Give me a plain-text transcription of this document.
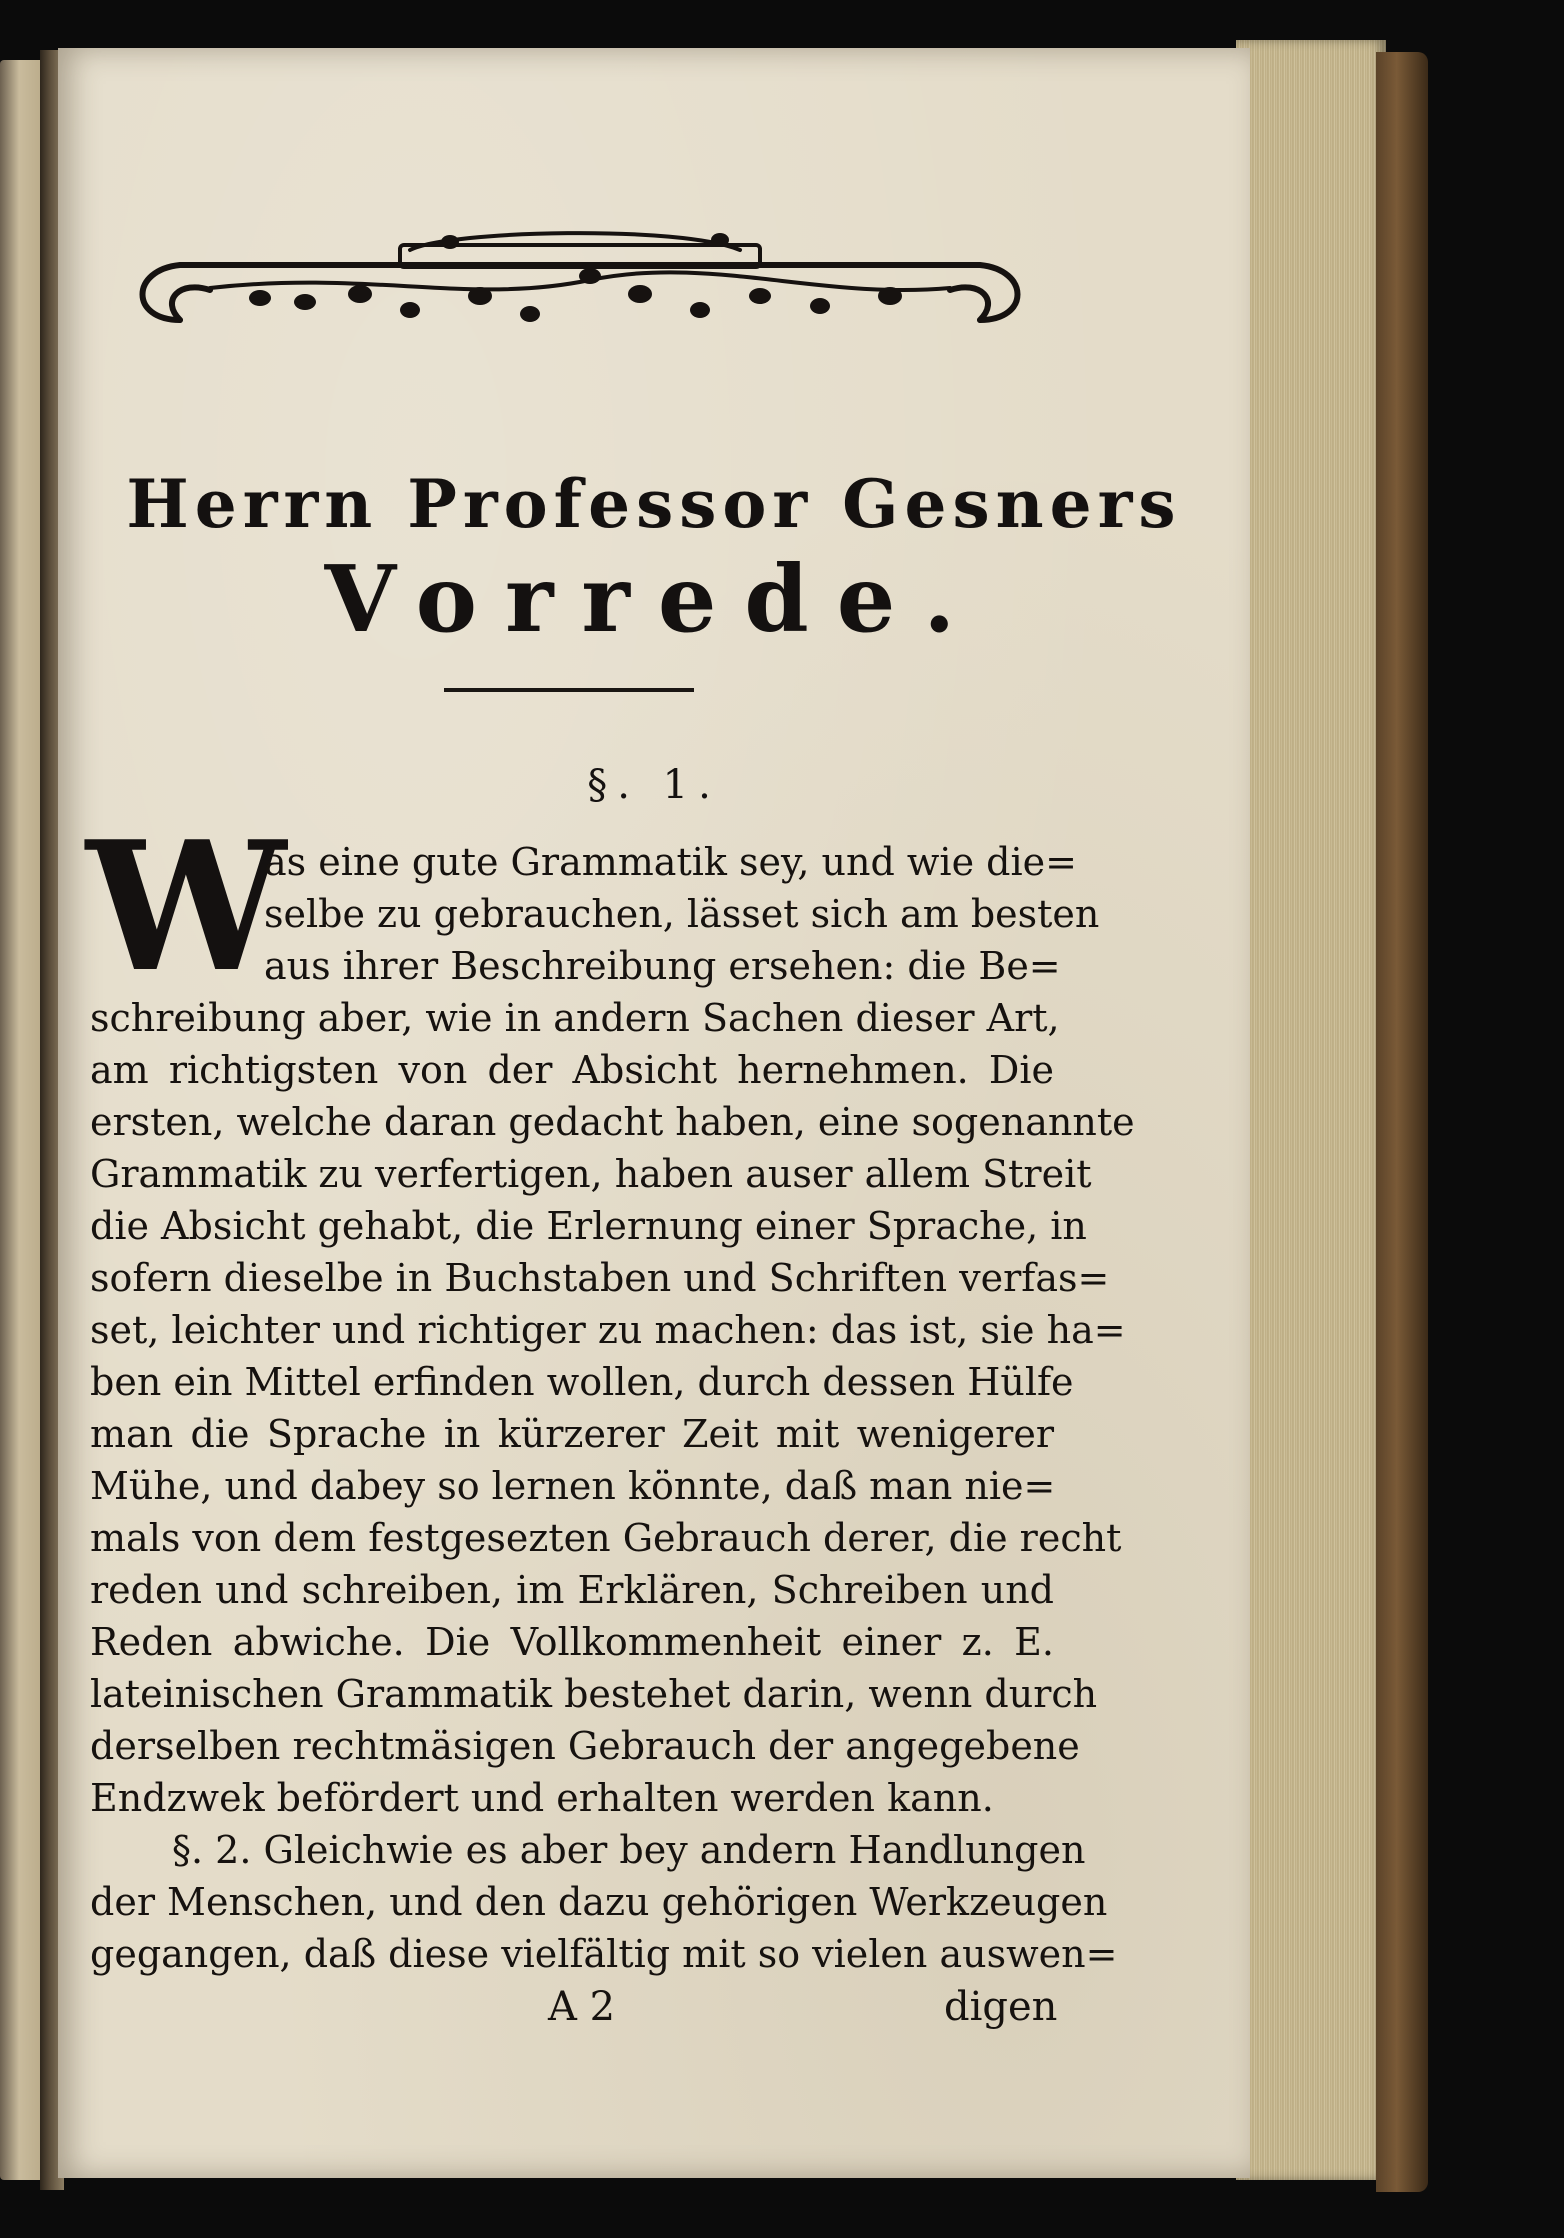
Herrn Professor Gesners
Vorrede.
§. 1.
W
as eine gute Grammatik sey, und wie die=
selbe zu gebrauchen, lässet sich am besten
aus ihrer Beschreibung ersehen: die Be=
schreibung aber, wie in andern Sachen dieser Art,
am richtigsten von der Absicht hernehmen. Die
ersten, welche daran gedacht haben, eine sogenannte
Grammatik zu verfertigen, haben auser allem Streit
die Absicht gehabt, die Erlernung einer Sprache, in
sofern dieselbe in Buchstaben und Schriften verfas=
set, leichter und richtiger zu machen: das ist, sie ha=
ben ein Mittel erfinden wollen, durch dessen Hülfe
man die Sprache in kürzerer Zeit mit wenigerer
Mühe, und dabey so lernen könnte, daß man nie=
mals von dem festgesezten Gebrauch derer, die recht
reden und schreiben, im Erklären, Schreiben und
Reden abwiche. Die Vollkommenheit einer z. E.
lateinischen Grammatik bestehet darin, wenn durch
derselben rechtmäsigen Gebrauch der angegebene
Endzwek befördert und erhalten werden kann.
§. 2. Gleichwie es aber bey andern Handlungen
der Menschen, und den dazu gehörigen Werkzeugen
gegangen, daß diese vielfältig mit so vielen auswen=
A 2	digen
